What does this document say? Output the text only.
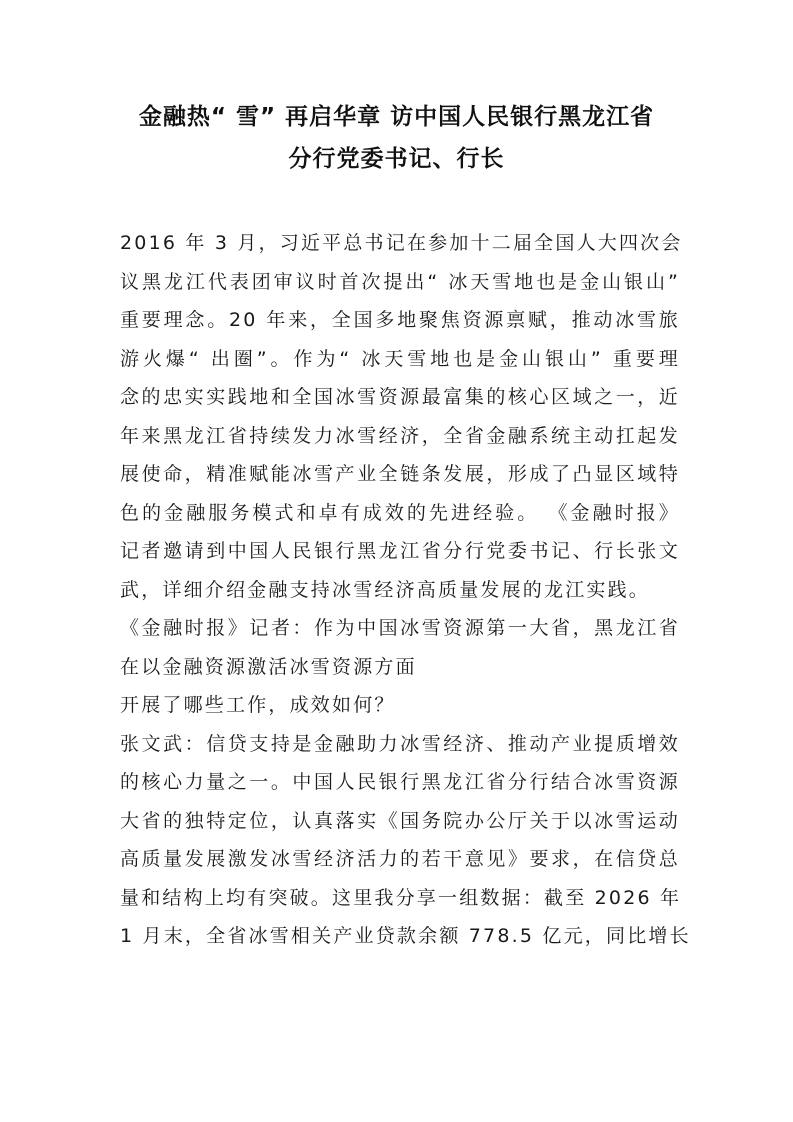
金融热“ 雪” 再启华章 访中国人民银行黑龙江省
分行党委书记、行长

2016 年 3 月，习近平总书记在参加十二届全国人大四次会
议黑龙江代表团审议时首次提出“ 冰天雪地也是金山银山”
重要理念。20 年来，全国多地聚焦资源禀赋，推动冰雪旅
游火爆“ 出圈”。作为“ 冰天雪地也是金山银山” 重要理
念的忠实实践地和全国冰雪资源最富集的核心区域之一，近
年来黑龙江省持续发力冰雪经济，全省金融系统主动扛起发
展使命，精准赋能冰雪产业全链条发展，形成了凸显区域特
色的金融服务模式和卓有成效的先进经验。 《金融时报》
记者邀请到中国人民银行黑龙江省分行党委书记、行长张文
武，详细介绍金融支持冰雪经济高质量发展的龙江实践。

《金融时报》记者：作为中国冰雪资源第一大省，黑龙江省
在以金融资源激活冰雪资源方面

开展了哪些工作，成效如何？

张文武：信贷支持是金融助力冰雪经济、推动产业提质增效
的核心力量之一。中国人民银行黑龙江省分行结合冰雪资源
大省的独特定位，认真落实《国务院办公厅关于以冰雪运动
高质量发展激发冰雪经济活力的若干意见》要求，在信贷总
量和结构上均有突破。这里我分享一组数据：截至 2026 年
1 月末，全省冰雪相关产业贷款余额 778.5 亿元，同比增长
